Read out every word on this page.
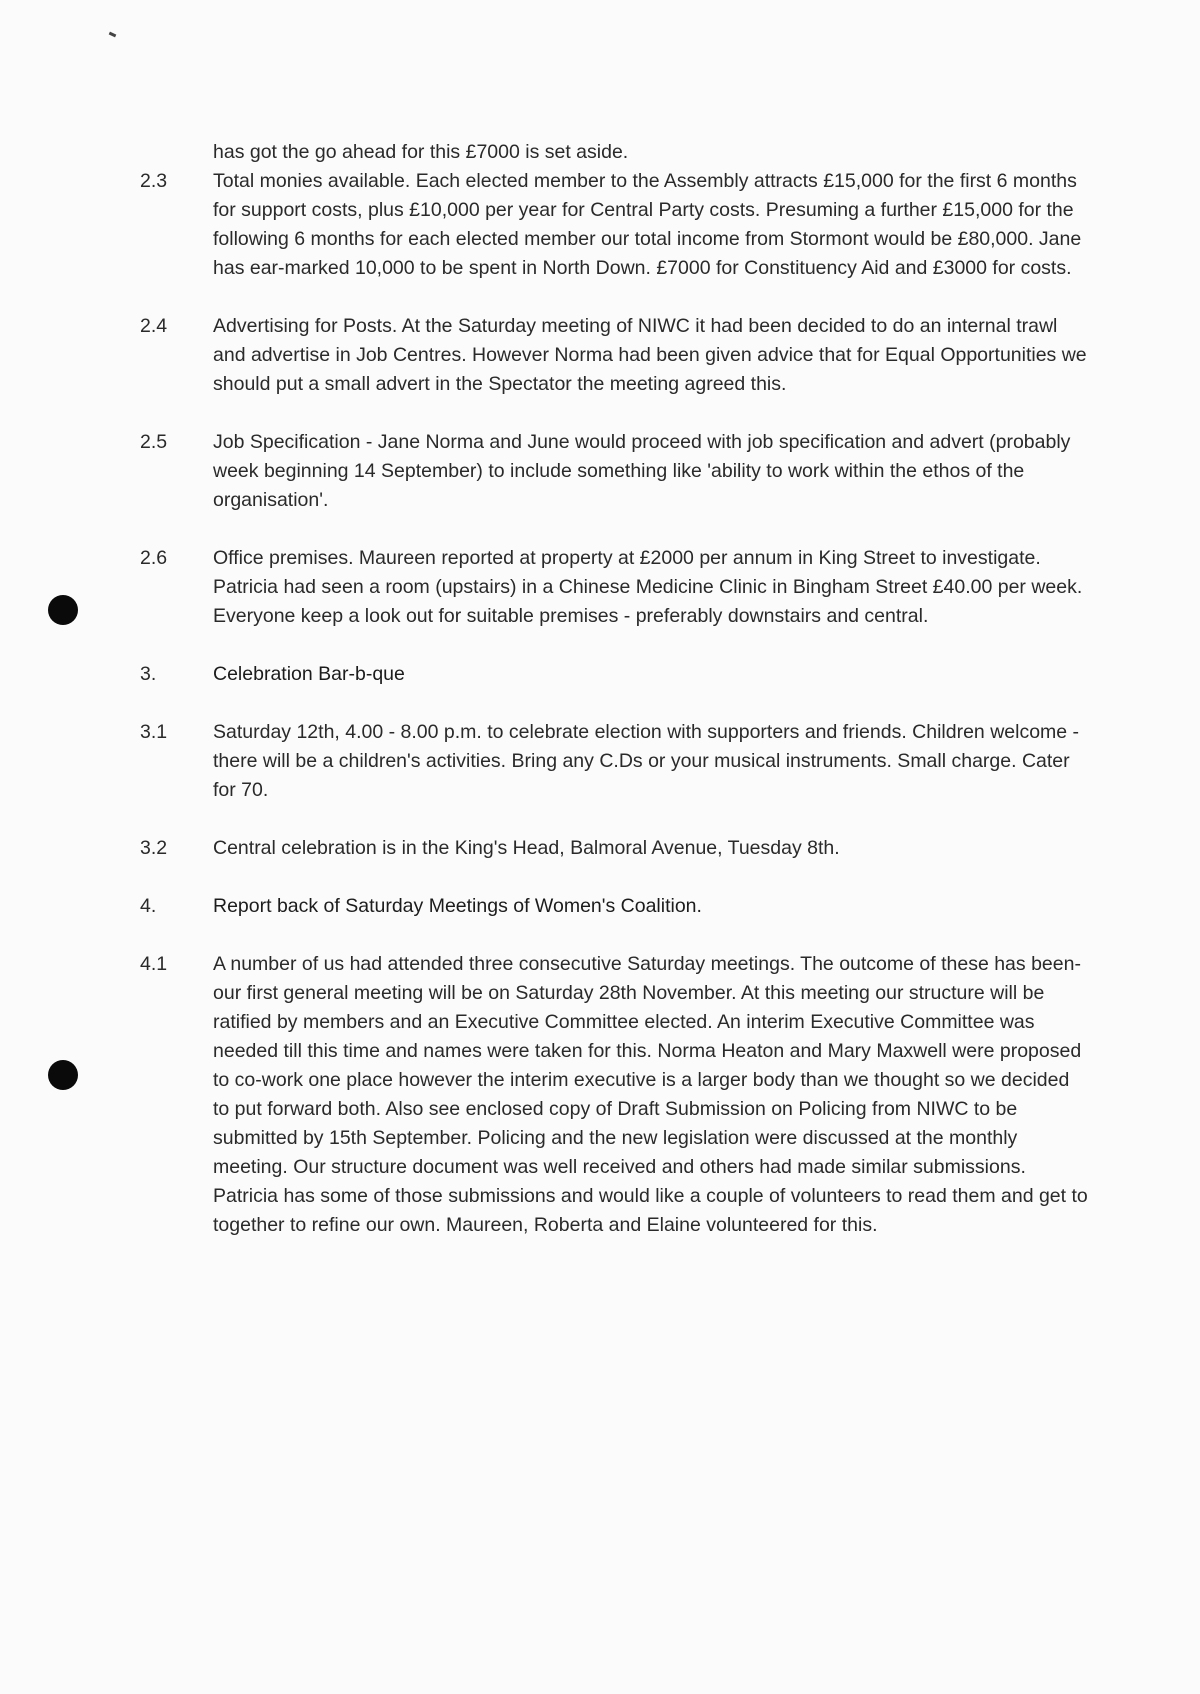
has got the go ahead for this £7000 is set aside.
2.3	Total monies available. Each elected member to the Assembly attracts £15,000 for the first 6 months for support costs, plus £10,000 per year for Central Party costs. Presuming a further £15,000 for the following 6 months for each elected member our total income from Stormont would be £80,000. Jane has ear-marked 10,000 to be spent in North Down. £7000 for Constituency Aid and £3000 for costs.
2.4	Advertising for Posts. At the Saturday meeting of NIWC it had been decided to do an internal trawl and advertise in Job Centres. However Norma had been given advice that for Equal Opportunities we should put a small advert in the Spectator the meeting agreed this.
2.5	Job Specification - Jane Norma and June would proceed with job specification and advert (probably week beginning 14 September) to include something like 'ability to work within the ethos of the organisation'.
2.6	Office premises. Maureen reported at property at £2000 per annum in King Street to investigate. Patricia had seen a room (upstairs) in a Chinese Medicine Clinic in Bingham Street £40.00 per week. Everyone keep a look out for suitable premises - preferably downstairs and central.
3.	Celebration Bar-b-que
3.1	Saturday 12th, 4.00 - 8.00 p.m. to celebrate election with supporters and friends. Children welcome - there will be a children's activities. Bring any C.Ds or your musical instruments. Small charge. Cater for 70.
3.2	Central celebration is in the King's Head, Balmoral Avenue, Tuesday 8th.
4.	Report back of Saturday Meetings of Women's Coalition.
4.1	A number of us had attended three consecutive Saturday meetings. The outcome of these has been- our first general meeting will be on Saturday 28th November. At this meeting our structure will be ratified by members and an Executive Committee elected. An interim Executive Committee was needed till this time and names were taken for this. Norma Heaton and Mary Maxwell were proposed to co-work one place however the interim executive is a larger body than we thought so we decided to put forward both. Also see enclosed copy of Draft Submission on Policing from NIWC to be submitted by 15th September. Policing and the new legislation were discussed at the monthly meeting. Our structure document was well received and others had made similar submissions. Patricia has some of those submissions and would like a couple of volunteers to read them and get to together to refine our own. Maureen, Roberta and Elaine volunteered for this.
